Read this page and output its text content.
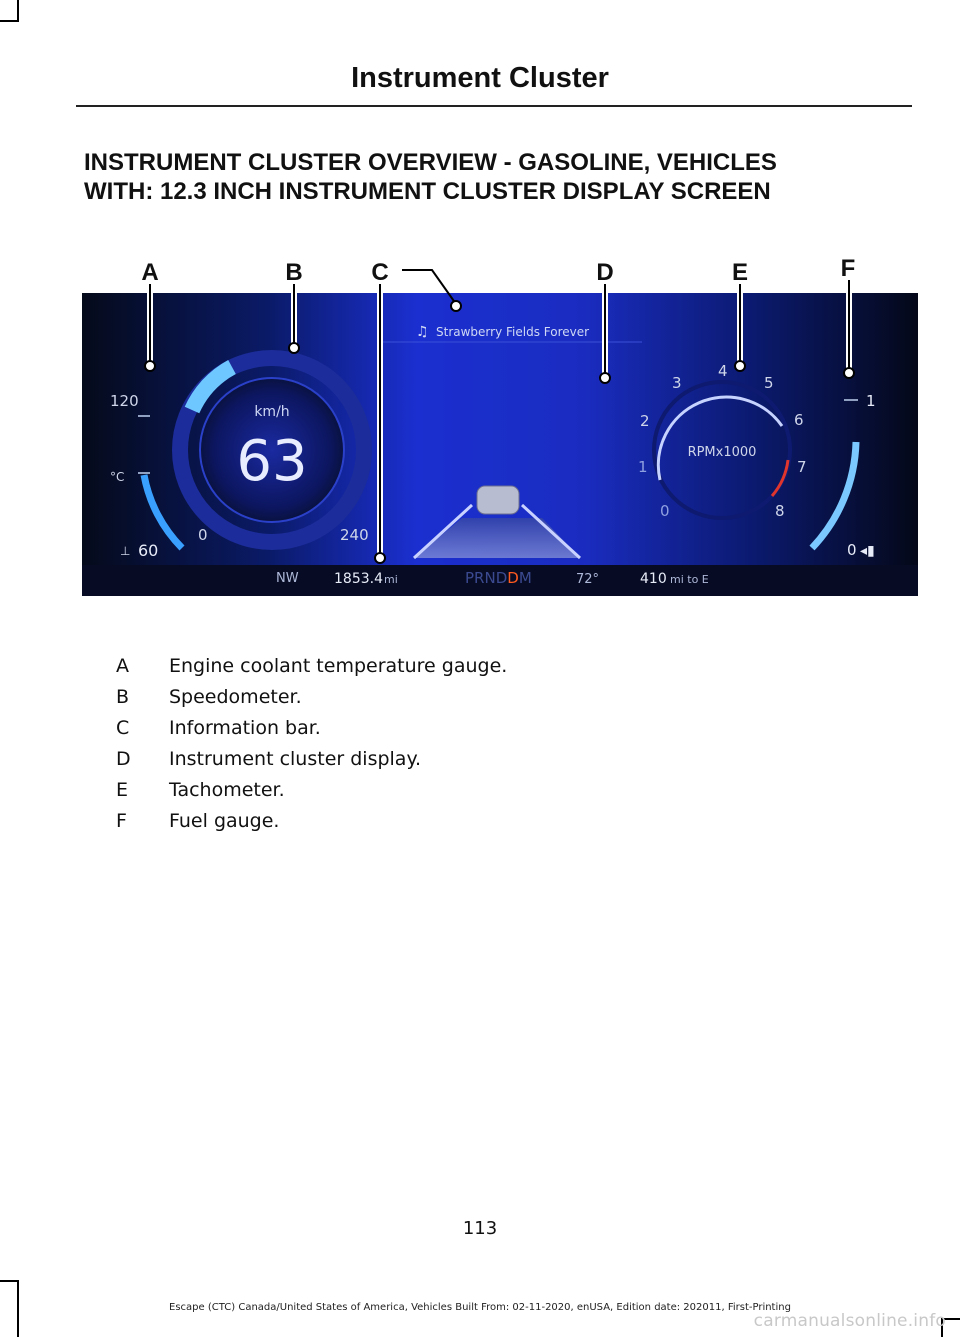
Instrument Cluster
INSTRUMENT CLUSTER OVERVIEW - GASOLINE, VEHICLES
WITH: 12.3 INCH INSTRUMENT CLUSTER DISPLAY SCREEN
120
°C
⊥ 60
km/h
63
0	240
♫ Strawberry Fields Forever
RPMx1000
0
1
2
3
4
5
6
7
8
1
0 ◂▮
NW	1853.4 mi	PRNDDM	72°	410 mi to E
A	B	C	D	E	F
A	Engine coolant temperature gauge.
B	Speedometer.
C	Information bar.
D	Instrument cluster display.
E	Tachometer.
F	Fuel gauge.
113
Escape (CTC) Canada/United States of America, Vehicles Built From: 02-11-2020, enUSA, Edition date: 202011, First-Printing
carmanualsonline.info
